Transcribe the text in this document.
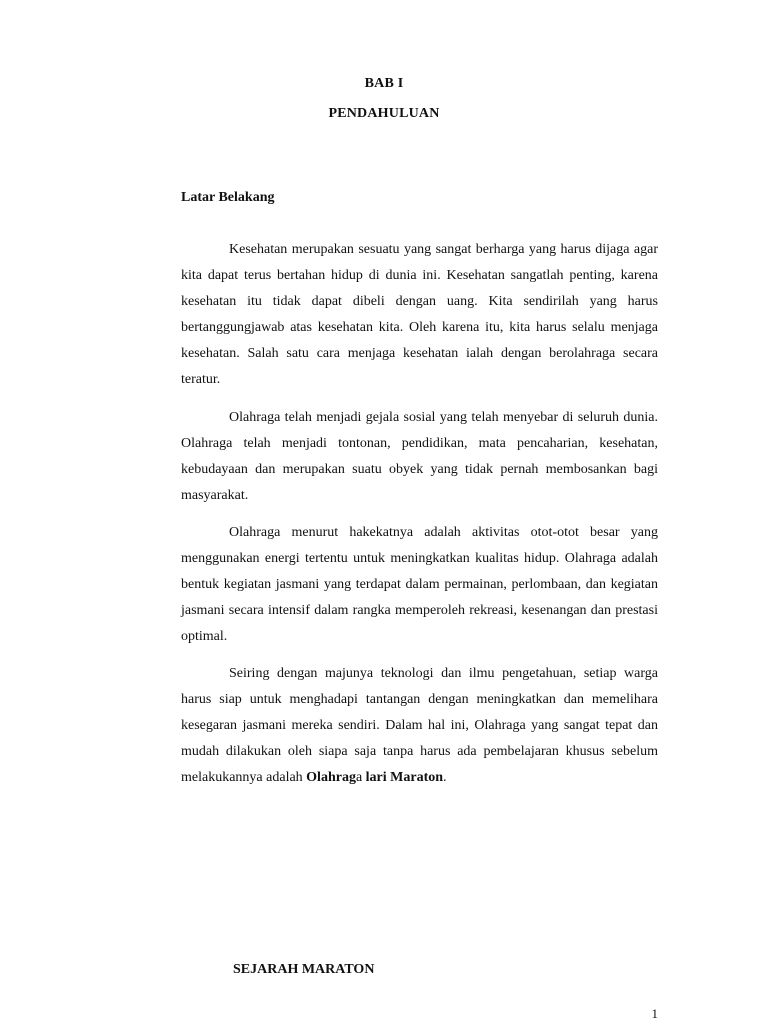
BAB I
PENDAHULUAN
Latar Belakang

Kesehatan merupakan sesuatu yang sangat berharga yang harus dijaga agar kita dapat terus bertahan hidup di dunia ini. Kesehatan sangatlah penting, karena kesehatan itu tidak dapat dibeli dengan uang. Kita sendirilah yang harus bertanggungjawab atas kesehatan kita. Oleh karena itu, kita harus selalu menjaga kesehatan. Salah satu cara menjaga kesehatan ialah dengan berolahraga secara teratur.

Olahraga telah menjadi gejala sosial yang telah menyebar di seluruh dunia. Olahraga telah menjadi tontonan, pendidikan, mata pencaharian, kesehatan, kebudayaan dan merupakan suatu obyek yang tidak pernah membosankan bagi masyarakat.

Olahraga menurut hakekatnya adalah aktivitas otot-otot besar yang menggunakan energi tertentu untuk meningkatkan kualitas hidup. Olahraga adalah bentuk kegiatan jasmani yang terdapat dalam permainan, perlombaan, dan kegiatan jasmani secara intensif dalam rangka memperoleh rekreasi, kesenangan dan prestasi optimal.

Seiring dengan majunya teknologi dan ilmu pengetahuan, setiap warga harus siap untuk menghadapi tantangan dengan meningkatkan dan memelihara kesegaran jasmani mereka sendiri. Dalam hal ini, Olahraga yang sangat tepat dan mudah dilakukan oleh siapa saja tanpa harus ada pembelajaran khusus sebelum melakukannya adalah Olahraga lari Maraton.

SEJARAH MARATON
1
